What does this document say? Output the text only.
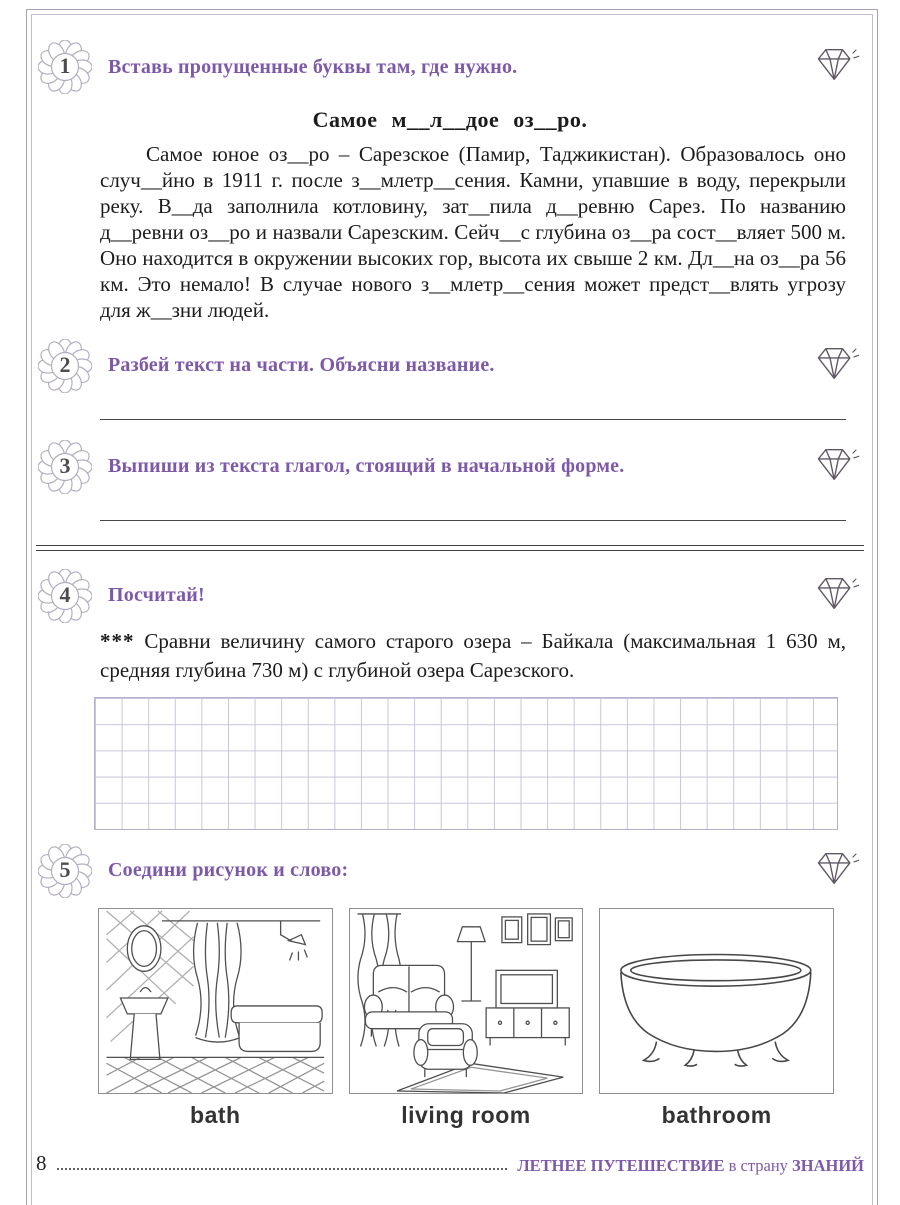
1	Вставь пропущенные буквы там, где нужно.
Самое м__л__дое оз__ро.

Самое юное оз__ро – Сарезское (Памир, Таджикистан). Образовалось оно случ__йно в 1911 г. после з__млетр__сения. Камни, упавшие в воду, перекрыли реку. В__да заполнила котловину, зат__пила д__ревню Сарез. По названию д__ревни оз__ро и назвали Сарезским. Сейч__с глубина оз__ра сост__вляет 500 м. Оно находится в окружении высоких гор, высота их свыше 2 км. Дл__на оз__ра 56 км. Это немало! В случае нового з__млетр__сения может предст__влять угрозу для ж__зни людей.

2	Разбей текст на части. Объясни название.
3	Выпиши из текста глагол, стоящий в начальной форме.
4	Посчитай!

*** Сравни величину самого старого озера – Байкала (максимальная 1 630 м, средняя глубина 730 м) с глубиной озера Сарезского.

5	Соедини рисунок и слово:
bath	living room	bathroom
8	ЛЕТНЕЕ ПУТЕШЕСТВИЕ в страну ЗНАНИЙ
